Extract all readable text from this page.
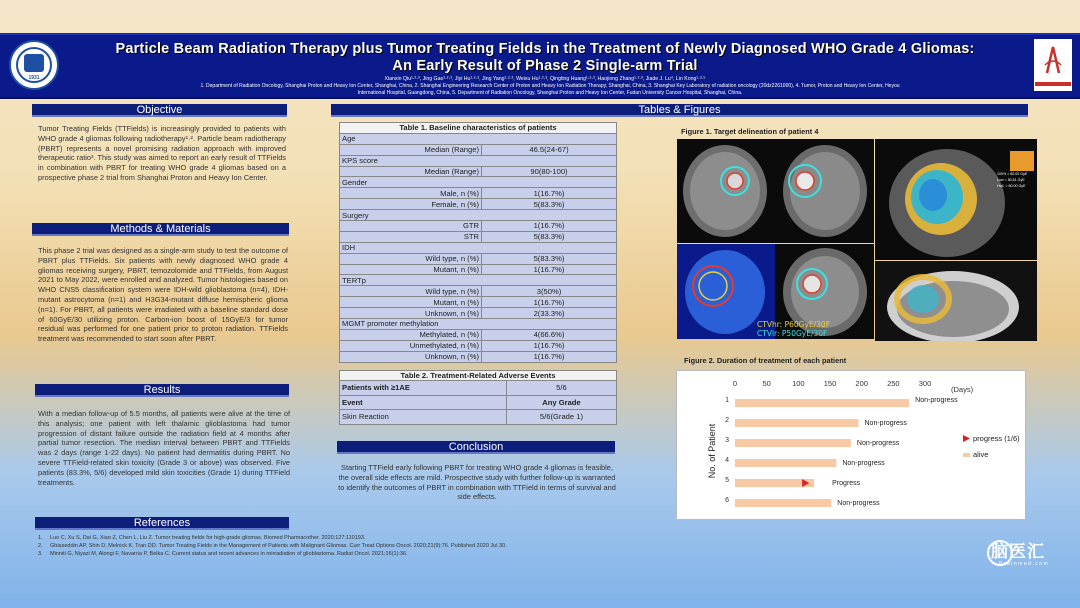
1931
Particle Beam Radiation Therapy plus Tumor Treating Fields in the Treatment of Newly Diagnosed WHO Grade 4 Gliomas:
An Early Result of Phase 2 Single-arm Trial
Xianxin Qiu¹·²·³, Jing Gao¹·²·³, Jiyi Hu¹·²·³, Jing Yang¹·²·³, Weixu Hu¹·²·³, Qingting Huang¹·²·³, Haojiong Zhang¹·²·³, Jiade J. Lu⁴, Lin Kong¹·³·⁵
1. Department of Radiation Oncology, Shanghai Proton and Heavy Ion Center, Shanghai, China, 2. Shanghai Engineering Research Center of Proton and Heavy Ion Radiation Therapy, Shanghai, China, 3. Shanghai Key Laboratory of radiation oncology (20dz2261000), 4. Tumor, Proton and Heavy Ion Center, Heyou International Hospital, Guangdong, China, 5. Department of Radiation Oncology, Shanghai Proton and Heavy Ion Center, Fudan University Cancer Hospital, Shanghai, China.
Objective
Tumor Treating Fields (TTFields) is increasingly provided to patients with WHO grade 4 gliomas following radiotherapy¹·². Particle beam radiotherapy (PBRT) represents a novel promising radiation approach with improved therapeutic ratio³. This study was aimed to report an early result of TTFields in combination with PBRT for treating WHO grade 4 gliomas based on a prospective phase 2 trial from Shanghai Proton and Heavy Ion Center.
Methods & Materials
This phase 2 trial was designed as a single-arm study to test the outcome of PBRT plus TTFields. Six patients with newly diagnosed WHO grade 4 gliomas receiving surgery, PBRT, temozolomide and TTFields, from August 2021 to May 2022, were enrolled and analyzed. Tumor histologies based on WHO CNS5 classification system were IDH-wild glioblastoma (n=4), IDH-mutant astrocytoma (n=1) and H3G34-mutant diffuse hemispheric glioma (n=1). For PBRT, all patients were irradiated with a baseline standard dose of 60GyE/30 utilizing proton. Carbon-ion boost of 15GyE/3 for tumor residual was performed for one patient prior to proton radiation. TTFields treatment was recommended to start soon after PBRT.
Results
With a median follow-up of 5.5 months, all patients were alive at the time of this analysis; one patient with left thalamic glioblastoma had tumor progression of distant failure outside the radiation field at 4 months after partial tumor resection. The median interval between PBRT and TTFields was 2 days (range 1-22 days). No patient had dermatitis during PBRT. No severe TTField-related skin toxicity (Grade 3 or above) was observed. Five patients (83.3%, 5/6) developed mild skin toxicities (Grade 1) during TTField treatments.
References
1. Luo C, Xu S, Dai G, Xiao Z, Chen L, Liu Z. Tumor treating fields for high-grade gliomas. Biomed Pharmacother. 2020;127:110193.
2. Ghiaseddin AP, Shin D, Melnick K, Tran DD. Tumor Treating Fields in the Management of Patients with Malignant Gliomas. Curr Treat Options Oncol. 2020;21(9):76. Published 2020 Jul 30.
3. Minniti G, Niyazi M, Alongi F, Navarria P, Belka C. Current status and recent advances in reirradiation of glioblastoma. Radiat Oncol. 2021;16(1):36.
Tables & Figures
Table 1. Baseline characteristics of patients	
Age	
Median (Range)	46.5(24-67)
KPS score	
Median (Range)	90(80-100)
Gender	
Male, n (%)	1(16.7%)
Female, n (%)	5(83.3%)
Surgery	
GTR	1(16.7%)
STR	5(83.3%)
IDH	
Wild type, n (%)	5(83.3%)
Mutant, n (%)	1(16.7%)
TERTp	
Wild type, n (%)	3(50%)
Mutant, n (%)	1(16.7%)
Unknown, n (%)	2(33.3%)
MGMT promoter methylation	
Methylated, n (%)	4(66.6%)
Unmethylated, n (%)	1(16.7%)
Unknown, n (%)	1(16.7%)
Table 2. Treatment-Related Adverse Events	
Patients with ≥1AE	5/6
Event	Any Grade
Skin Reaction	5/6(Grade 1)
Conclusion
Starting TTField early following PBRT for treating WHO grade 4 gliomas is feasible, the overall side effects are mild. Prospective study with further follow-up is warranted to identify the outcomes of PBRT in combination with TTField in terms of survival and side effects.
Figure 1. Target delineation of patient 4
CTVhr: P60GyE/30F
CTVlr: P50GyE/30F
100% = 60.00 GyE
Low = 50.51 GyE
Hvd. = 60.00 GyE
Figure 2. Duration of treatment of each patient
0	50	100	150	200	250	300
(Days)
No. of Patient
1	Non-progress
2	Non-progress
3	Non-progress
4	Non-progress
5	Progress
6	Non-progress
progress (1/6)
alive
脑医汇
Brainmed.com
